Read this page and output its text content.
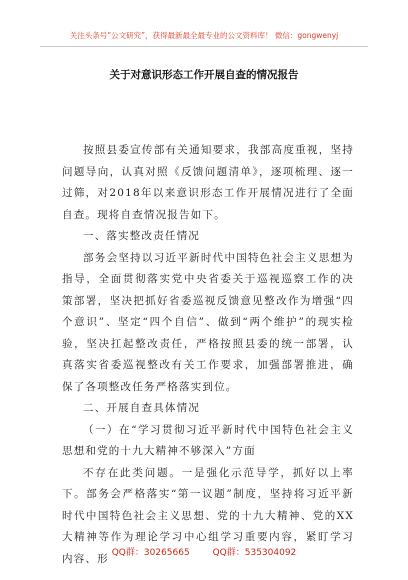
关注头条号“公文研究”，获得最新最全最专业的公文资料库！ 微信：gongwenyj
关于对意识形态工作开展自查的情况报告

按照县委宣传部有关通知要求，我部高度重视，坚持问题导向，认真对照《反馈问题清单》，逐项梳理、逐一过筛，对2018年以来意识形态工作开展情况进行了全面自查。现将自查情况报告如下。

一、落实整改责任情况

部务会坚持以习近平新时代中国特色社会主义思想为指导，全面贯彻落实党中央省委关于巡视巡察工作的决策部署，坚决把抓好省委巡视反馈意见整改作为增强“四个意识”、坚定“四个自信”、做到“两个维护”的现实检验，坚决扛起整改责任，严格按照县委的统一部署，认真落实省委巡视整改有关工作要求，加强部署推进，确保了各项整改任务严格落实到位。

二、开展自查具体情况

（一）在“学习贯彻习近平新时代中国特色社会主义思想和党的十九大精神不够深入”方面

不存在此类问题。一是强化示范导学，抓好以上率下。部务会严格落实“第一议题”制度，坚持将习近平新时代中国特色社会主义思想、党的十九大精神、党的XX大精神等作为理论学习中心组学习重要内容，紧盯学习内容、形 QQ群：30265665	QQ群：535304092
